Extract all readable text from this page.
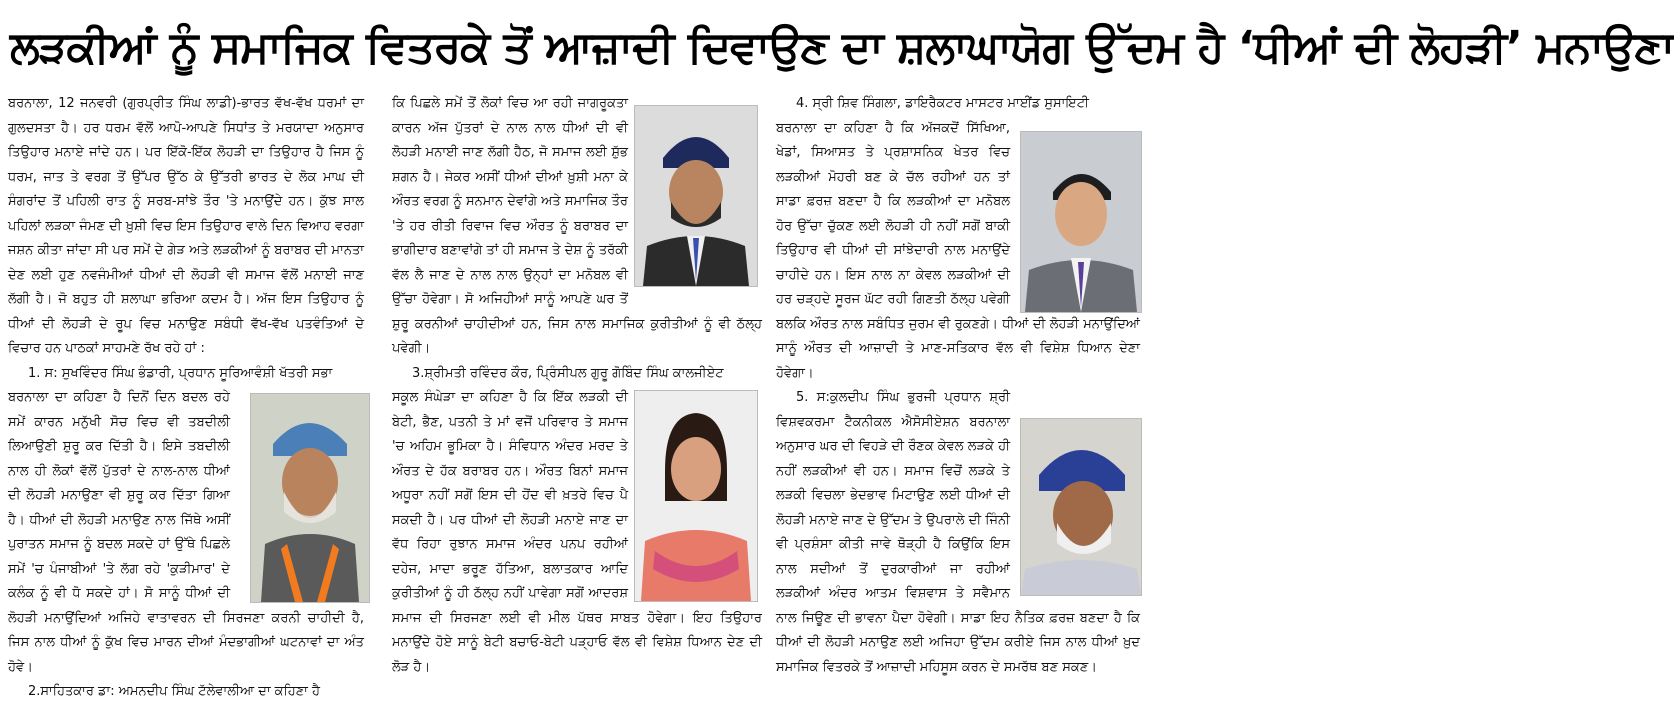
ਲੜਕੀਆਂ ਨੂੰ ਸਮਾਜਿਕ ਵਿਤਰਕੇ ਤੋਂ ਆਜ਼ਾਦੀ ਦਿਵਾਉਣ ਦਾ ਸ਼ਲਾਘਾਯੋਗ ਉੱਦਮ ਹੈ ‘ਧੀਆਂ ਦੀ ਲੋਹੜੀ’ ਮਨਾਉਣਾ

ਬਰਨਾਲਾ, 12 ਜਨਵਰੀ (ਗੁਰਪ੍ਰੀਤ ਸਿੰਘ ਲਾਡੀ)-ਭਾਰਤ ਵੱਖ-ਵੱਖ ਧਰਮਾਂ ਦਾ ਗੁਲਦਸਤਾ ਹੈ। ਹਰ ਧਰਮ ਵੱਲੋਂ ਆਪੋ-ਆਪਣੇ ਸਿਧਾਂਤ ਤੇ ਮਰਯਾਦਾ ਅਨੁਸਾਰ ਤਿਉਹਾਰ ਮਨਾਏ ਜਾਂਦੇ ਹਨ। ਪਰ ਇੱਕੋ-ਇੱਕ ਲੋਹੜੀ ਦਾ ਤਿਉਹਾਰ ਹੈ ਜਿਸ ਨੂੰ ਧਰਮ, ਜਾਤ ਤੇ ਵਰਗ ਤੋਂ ਉੱਪਰ ਉੱਠ ਕੇ ਉੱਤਰੀ ਭਾਰਤ ਦੇ ਲੋਕ ਮਾਘ ਦੀ ਸੰਗਰਾਂਦ ਤੋਂ ਪਹਿਲੀ ਰਾਤ ਨੂੰ ਸਰਬ-ਸਾਂਝੇ ਤੌਰ 'ਤੇ ਮਨਾਉਂਦੇ ਹਨ। ਕੁੱਝ ਸਾਲ ਪਹਿਲਾਂ ਲੜਕਾ ਜੰਮਣ ਦੀ ਖ਼ੁਸ਼ੀ ਵਿਚ ਇਸ ਤਿਉਹਾਰ ਵਾਲੇ ਦਿਨ ਵਿਆਹ ਵਰਗਾ ਜਸ਼ਨ ਕੀਤਾ ਜਾਂਦਾ ਸੀ ਪਰ ਸਮੇਂ ਦੇ ਗੇੜ ਅਤੇ ਲੜਕੀਆਂ ਨੂੰ ਬਰਾਬਰ ਦੀ ਮਾਨਤਾ ਦੇਣ ਲਈ ਹੁਣ ਨਵਜੰਮੀਆਂ ਧੀਆਂ ਦੀ ਲੋਹੜੀ ਵੀ ਸਮਾਜ ਵੱਲੋਂ ਮਨਾਈ ਜਾਣ ਲੱਗੀ ਹੈ। ਜੋ ਬਹੁਤ ਹੀ ਸ਼ਲਾਘਾ ਭਰਿਆ ਕਦਮ ਹੈ। ਅੱਜ ਇਸ ਤਿਉਹਾਰ ਨੂੰ ਧੀਆਂ ਦੀ ਲੋਹੜੀ ਦੇ ਰੂਪ ਵਿਚ ਮਨਾਉਣ ਸਬੰਧੀ ਵੱਖ-ਵੱਖ ਪਤਵੰਤਿਆਂ ਦੇ ਵਿਚਾਰ ਹਨ ਪਾਠਕਾਂ ਸਾਹਮਣੇ ਰੱਖ ਰਹੇ ਹਾਂ :

1. ਸ: ਸੁਖਵਿੰਦਰ ਸਿੰਘ ਭੰਡਾਰੀ, ਪ੍ਰਧਾਨ ਸੂਰਿਆਵੰਸ਼ੀ ਖੱਤਰੀ ਸਭਾ

ਬਰਨਾਲਾ ਦਾ ਕਹਿਣਾ ਹੈ ਦਿਨੋਂ ਦਿਨ ਬਦਲ ਰਹੇ ਸਮੇਂ ਕਾਰਨ ਮਨੁੱਖੀ ਸੋਚ ਵਿਚ ਵੀ ਤਬਦੀਲੀ ਲਿਆਉਣੀ ਸ਼ੁਰੂ ਕਰ ਦਿੱਤੀ ਹੈ। ਇਸੇ ਤਬਦੀਲੀ ਨਾਲ ਹੀ ਲੋਕਾਂ ਵੱਲੋਂ ਪੁੱਤਰਾਂ ਦੇ ਨਾਲ-ਨਾਲ ਧੀਆਂ ਦੀ ਲੋਹੜੀ ਮਨਾਉਣਾ ਵੀ ਸ਼ੁਰੂ ਕਰ ਦਿੱਤਾ ਗਿਆ ਹੈ। ਧੀਆਂ ਦੀ ਲੋਹੜੀ ਮਨਾਉਣ ਨਾਲ ਜਿੱਥੇ ਅਸੀਂ ਪੁਰਾਤਨ ਸਮਾਜ ਨੂੰ ਬਦਲ ਸਕਦੇ ਹਾਂ ਉੱਥੇ ਪਿਛਲੇ ਸਮੇਂ 'ਚ ਪੰਜਾਬੀਆਂ 'ਤੇ ਲੱਗ ਰਹੇ 'ਕੁੜੀਮਾਰ' ਦੇ ਕਲੰਕ ਨੂੰ ਵੀ ਧੋ ਸਕਦੇ ਹਾਂ। ਸੋ ਸਾਨੂੰ ਧੀਆਂ ਦੀ ਲੋਹੜੀ ਮਨਾਉਂਦਿਆਂ ਅਜਿਹੇ ਵਾਤਾਵਰਨ ਦੀ ਸਿਰਜਣਾ ਕਰਨੀ ਚਾਹੀਦੀ ਹੈ, ਜਿਸ ਨਾਲ ਧੀਆਂ ਨੂੰ ਕੁੱਖ ਵਿਚ ਮਾਰਨ ਦੀਆਂ ਮੰਦਭਾਗੀਆਂ ਘਟਨਾਵਾਂ ਦਾ ਅੰਤ ਹੋਵੇ।

2.ਸਾਹਿਤਕਾਰ ਡਾ: ਅਮਨਦੀਪ ਸਿੰਘ ਟੱਲੇਵਾਲੀਆ ਦਾ ਕਹਿਣਾ ਹੈ

ਕਿ ਪਿਛਲੇ ਸਮੇਂ ਤੋਂ ਲੋਕਾਂ ਵਿਚ ਆ ਰਹੀ ਜਾਗਰੂਕਤਾ ਕਾਰਨ ਅੱਜ ਪੁੱਤਰਾਂ ਦੇ ਨਾਲ ਨਾਲ ਧੀਆਂ ਦੀ ਵੀ ਲੋਹੜੀ ਮਨਾਈ ਜਾਣ ਲੱਗੀ ਹੈਠ, ਜੋ ਸਮਾਜ ਲਈ ਸ਼ੁੱਭ ਸ਼ਗਨ ਹੈ। ਜੇਕਰ ਅਸੀਂ ਧੀਆਂ ਦੀਆਂ ਖ਼ੁਸ਼ੀ ਮਨਾ ਕੇ ਔਰਤ ਵਰਗ ਨੂੰ ਸਨਮਾਨ ਦੇਵਾਂਗੇ ਅਤੇ ਸਮਾਜਿਕ ਤੌਰ 'ਤੇ ਹਰ ਰੀਤੀ ਰਿਵਾਜ ਵਿਚ ਔਰਤ ਨੂੰ ਬਰਾਬਰ ਦਾ ਭਾਗੀਦਾਰ ਬਣਾਵਾਂਗੇ ਤਾਂ ਹੀ ਸਮਾਜ ਤੇ ਦੇਸ਼ ਨੂੰ ਤਰੱਕੀ ਵੱਲ ਲੈ ਜਾਣ ਦੇ ਨਾਲ ਨਾਲ ਉਨ੍ਹਾਂ ਦਾ ਮਨੋਬਲ ਵੀ ਉੱਚਾ ਹੋਵੇਗਾ। ਸੋ ਅਜਿਹੀਆਂ ਸਾਨੂੰ ਆਪਣੇ ਘਰ ਤੋਂ ਸ਼ੁਰੂ ਕਰਨੀਆਂ ਚਾਹੀਦੀਆਂ ਹਨ, ਜਿਸ ਨਾਲ ਸਮਾਜਿਕ ਕੁਰੀਤੀਆਂ ਨੂੰ ਵੀ ਠੱਲ੍ਹ ਪਵੇਗੀ।

3.ਸ਼੍ਰੀਮਤੀ ਰਵਿੰਦਰ ਕੌਰ, ਪ੍ਰਿੰਸੀਪਲ ਗੁਰੂ ਗੋਬਿੰਦ ਸਿੰਘ ਕਾਲਜੀਏਟ

ਸਕੂਲ ਸੰਘੇੜਾ ਦਾ ਕਹਿਣਾ ਹੈ ਕਿ ਇੱਕ ਲੜਕੀ ਦੀ ਬੇਟੀ, ਭੈਣ, ਪਤਨੀ ਤੇ ਮਾਂ ਵਜੋਂ ਪਰਿਵਾਰ ਤੇ ਸਮਾਜ 'ਚ ਅਹਿਮ ਭੂਮਿਕਾ ਹੈ। ਸੰਵਿਧਾਨ ਅੰਦਰ ਮਰਦ ਤੇ ਔਰਤ ਦੇ ਹੱਕ ਬਰਾਬਰ ਹਨ। ਔਰਤ ਬਿਨਾਂ ਸਮਾਜ ਅਧੂਰਾ ਨਹੀਂ ਸਗੋਂ ਇਸ ਦੀ ਹੋਂਦ ਵੀ ਖ਼ਤਰੇ ਵਿਚ ਪੈ ਸਕਦੀ ਹੈ। ਪਰ ਧੀਆਂ ਦੀ ਲੋਹੜੀ ਮਨਾਏ ਜਾਣ ਦਾ ਵੱਧ ਰਿਹਾ ਰੁਝਾਨ ਸਮਾਜ ਅੰਦਰ ਪਨਪ ਰਹੀਆਂ ਦਹੇਜ, ਮਾਦਾ ਭਰੂਣ ਹੱਤਿਆ, ਬਲਾਤਕਾਰ ਆਦਿ ਕੁਰੀਤੀਆਂ ਨੂੰ ਹੀ ਠੱਲ੍ਹ ਨਹੀਂ ਪਾਵੇਗਾ ਸਗੋਂ ਆਦਰਸ਼ ਸਮਾਜ ਦੀ ਸਿਰਜਣਾ ਲਈ ਵੀ ਮੀਲ ਪੱਥਰ ਸਾਬਤ ਹੋਵੇਗਾ। ਇਹ ਤਿਉਹਾਰ ਮਨਾਉਂਦੇ ਹੋਏ ਸਾਨੂੰ ਬੇਟੀ ਬਚਾਓ-ਬੇਟੀ ਪੜ੍ਹਾਓ ਵੱਲ ਵੀ ਵਿਸ਼ੇਸ਼ ਧਿਆਨ ਦੇਣ ਦੀ ਲੋੜ ਹੈ।

4. ਸ੍ਰੀ ਸ਼ਿਵ ਸਿੰਗਲਾ, ਡਾਇਰੈਕਟਰ ਮਾਸਟਰ ਮਾਈਂਡ ਸੁਸਾਇਟੀ

ਬਰਨਾਲਾ ਦਾ ਕਹਿਣਾ ਹੈ ਕਿ ਅੱਜਕਦੋਂ ਸਿੱਖਿਆ, ਖੇਡਾਂ, ਸਿਆਸਤ ਤੇ ਪ੍ਰਸ਼ਾਸਨਿਕ ਖੇਤਰ ਵਿਚ ਲੜਕੀਆਂ ਮੋਹਰੀ ਬਣ ਕੇ ਚੱਲ ਰਹੀਆਂ ਹਨ ਤਾਂ ਸਾਡਾ ਫ਼ਰਜ਼ ਬਣਦਾ ਹੈ ਕਿ ਲੜਕੀਆਂ ਦਾ ਮਨੋਬਲ ਹੋਰ ਉੱਚਾ ਚੁੱਕਣ ਲਈ ਲੋਹੜੀ ਹੀ ਨਹੀਂ ਸਗੋਂ ਬਾਕੀ ਤਿਉਹਾਰ ਵੀ ਧੀਆਂ ਦੀ ਸਾਂਝੇਦਾਰੀ ਨਾਲ ਮਨਾਉਂਦੇ ਚਾਹੀਦੇ ਹਨ। ਇਸ ਨਾਲ ਨਾ ਕੇਵਲ ਲੜਕੀਆਂ ਦੀ ਹਰ ਚੜ੍ਹਦੇ ਸੂਰਜ ਘੱਟ ਰਹੀ ਗਿਣਤੀ ਠੱਲ੍ਹ ਪਵੇਗੀ ਬਲਕਿ ਔਰਤ ਨਾਲ ਸਬੰਧਿਤ ਜੁਰਮ ਵੀ ਰੁਕਣਗੇ। ਧੀਆਂ ਦੀ ਲੋਹੜੀ ਮਨਾਉਂਦਿਆਂ ਸਾਨੂੰ ਔਰਤ ਦੀ ਆਜ਼ਾਦੀ ਤੇ ਮਾਣ-ਸਤਿਕਾਰ ਵੱਲ ਵੀ ਵਿਸ਼ੇਸ਼ ਧਿਆਨ ਦੇਣਾ ਹੋਵੇਗਾ।

5. ਸ:ਕੁਲਦੀਪ ਸਿੰਘ ਭੁਰਜੀ ਪ੍ਰਧਾਨ ਸ਼੍ਰੀ ਵਿਸ਼ਵਕਰਮਾ ਟੈਕਨੀਕਲ ਐਸੋਸੀਏਸ਼ਨ ਬਰਨਾਲਾ ਅਨੁਸਾਰ ਘਰ ਦੀ ਵਿਹੜੇ ਦੀ ਰੌਣਕ ਕੇਵਲ ਲੜਕੇ ਹੀ ਨਹੀਂ ਲੜਕੀਆਂ ਵੀ ਹਨ। ਸਮਾਜ ਵਿਚੋਂ ਲੜਕੇ ਤੇ ਲੜਕੀ ਵਿਚਲਾ ਭੇਦਭਾਵ ਮਿਟਾਉਣ ਲਈ ਧੀਆਂ ਦੀ ਲੋਹੜੀ ਮਨਾਏ ਜਾਣ ਦੇ ਉੱਦਮ ਤੇ ਉਪਰਾਲੇ ਦੀ ਜਿੰਨੀ ਵੀ ਪ੍ਰਸ਼ੰਸਾ ਕੀਤੀ ਜਾਵੇ ਥੋੜ੍ਹੀ ਹੈ ਕਿਉਂਕਿ ਇਸ ਨਾਲ ਸਦੀਆਂ ਤੋਂ ਦੁਰਕਾਰੀਆਂ ਜਾ ਰਹੀਆਂ ਲੜਕੀਆਂ ਅੰਦਰ ਆਤਮ ਵਿਸ਼ਵਾਸ ਤੇ ਸਵੈਮਾਨ ਨਾਲ ਜਿਊਣ ਦੀ ਭਾਵਨਾ ਪੈਦਾ ਹੋਵੇਗੀ। ਸਾਡਾ ਇਹ ਨੈਤਿਕ ਫ਼ਰਜ਼ ਬਣਦਾ ਹੈ ਕਿ ਧੀਆਂ ਦੀ ਲੋਹੜੀ ਮਨਾਉਣ ਲਈ ਅਜਿਹਾ ਉੱਦਮ ਕਰੀਏ ਜਿਸ ਨਾਲ ਧੀਆਂ ਖ਼ੁਦ ਸਮਾਜਿਕ ਵਿਤਰਕੇ ਤੋਂ ਆਜ਼ਾਦੀ ਮਹਿਸੂਸ ਕਰਨ ਦੇ ਸਮਰੱਥ ਬਣ ਸਕਣ।
